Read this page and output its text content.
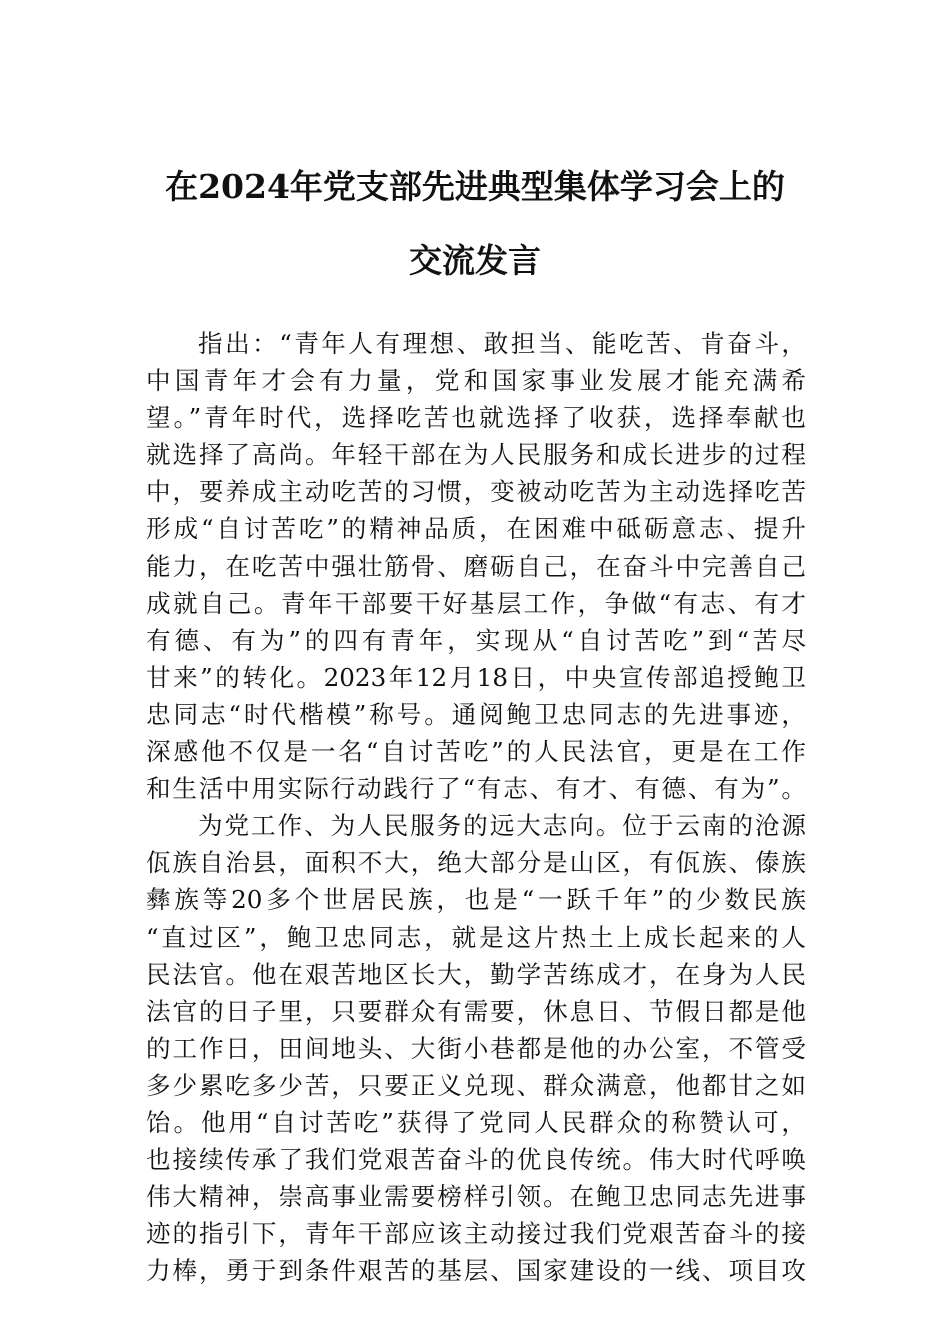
在2024年党支部先进典型集体学习会上的
交流发言
指出：“青年人有理想、敢担当、能吃苦、肯奋斗，
中国青年才会有力量，党和国家事业发展才能充满希
望。”青年时代，选择吃苦也就选择了收获，选择奉献也
就选择了高尚。年轻干部在为人民服务和成长进步的过程
中，要养成主动吃苦的习惯，变被动吃苦为主动选择吃苦
形成“自讨苦吃”的精神品质，在困难中砥砺意志、提升
能力，在吃苦中强壮筋骨、磨砺自己，在奋斗中完善自己
成就自己。青年干部要干好基层工作，争做“有志、有才
有德、有为”的四有青年，实现从“自讨苦吃”到“苦尽
甘来”的转化。2023年12月18日，中央宣传部追授鲍卫
忠同志“时代楷模”称号。通阅鲍卫忠同志的先进事迹，
深感他不仅是一名“自讨苦吃”的人民法官，更是在工作
和生活中用实际行动践行了“有志、有才、有德、有为”。
为党工作、为人民服务的远大志向。位于云南的沧源
佤族自治县，面积不大，绝大部分是山区，有佤族、傣族
彝族等20多个世居民族，也是“一跃千年”的少数民族
“直过区”，鲍卫忠同志，就是这片热土上成长起来的人
民法官。他在艰苦地区长大，勤学苦练成才，在身为人民
法官的日子里，只要群众有需要，休息日、节假日都是他
的工作日，田间地头、大街小巷都是他的办公室，不管受
多少累吃多少苦，只要正义兑现、群众满意，他都甘之如
饴。他用“自讨苦吃”获得了党同人民群众的称赞认可，
也接续传承了我们党艰苦奋斗的优良传统。伟大时代呼唤
伟大精神，崇高事业需要榜样引领。在鲍卫忠同志先进事
迹的指引下，青年干部应该主动接过我们党艰苦奋斗的接
力棒，勇于到条件艰苦的基层、国家建设的一线、项目攻
